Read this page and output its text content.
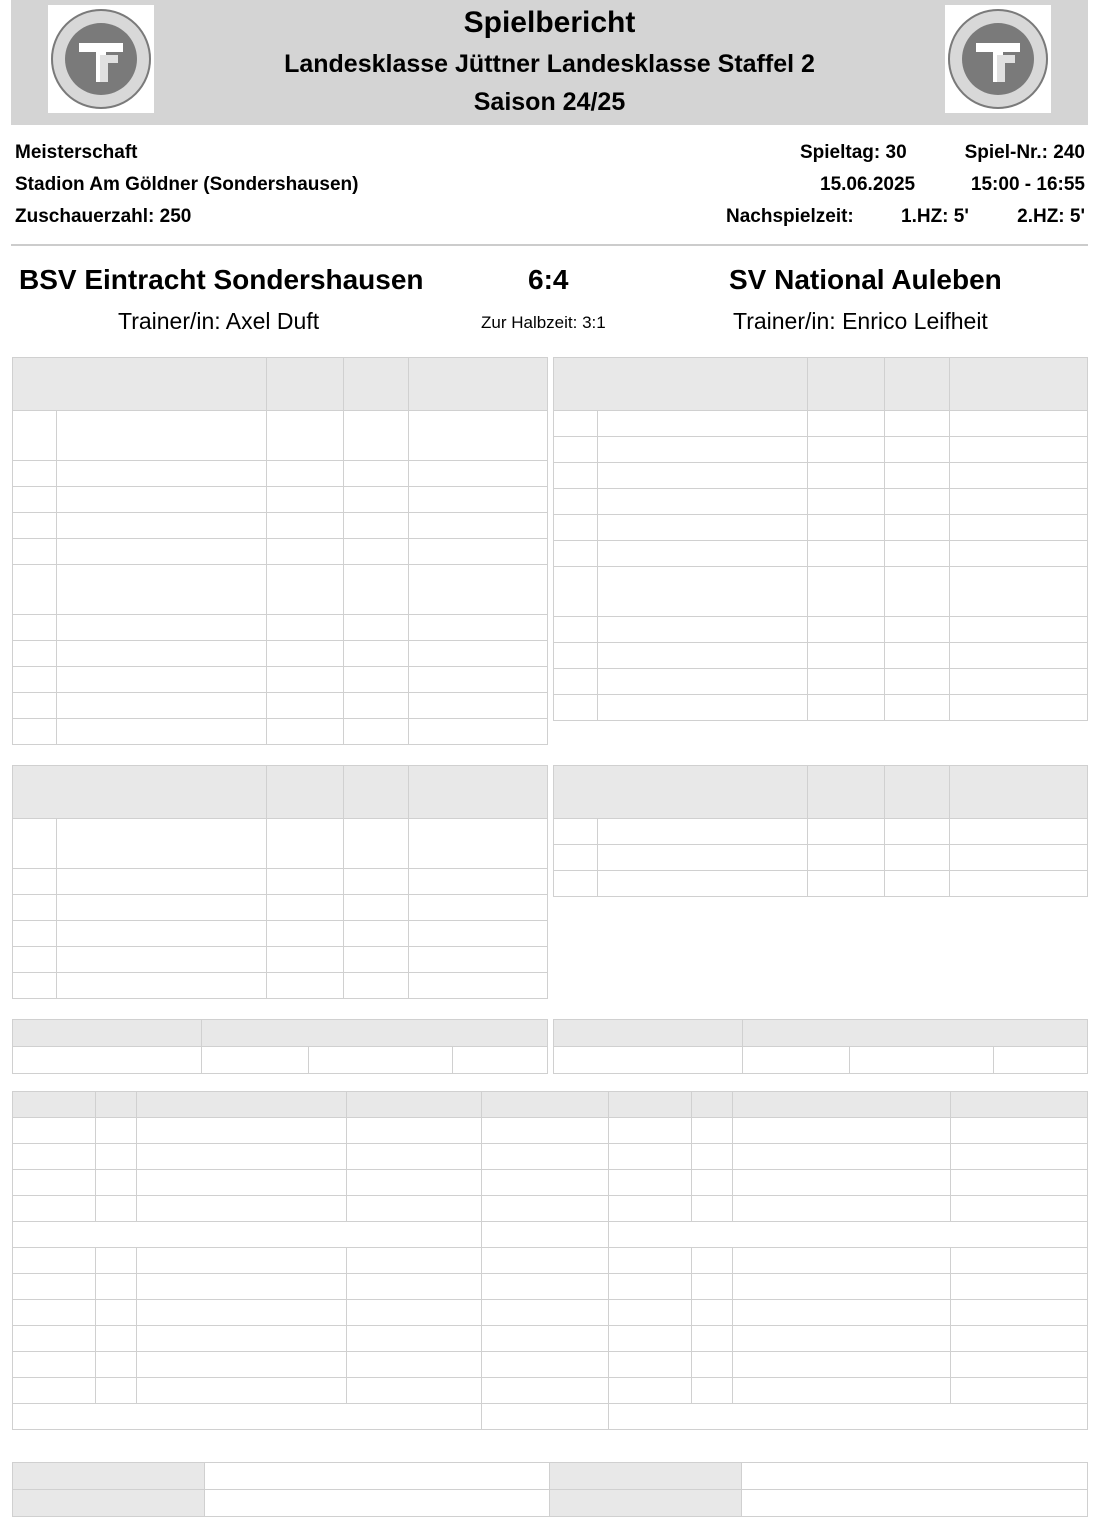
Spielbericht
Landesklasse Jüttner Landesklasse Staffel 2
Saison 24/25
Meisterschaft
Stadion Am Göldner (Sondershausen)
Zuschauerzahl: 250
Spieltag: 30	Spiel-Nr.: 240
15.06.2025	15:00 - 16:55
Nachspielzeit: 1.HZ: 5'	2.HZ: 5'
BSV Eintracht Sondershausen	6:4	SV National Auleben
Trainer/in: Axel Duft	Zur Halbzeit: 3:1	Trainer/in: Enrico Leifheit
